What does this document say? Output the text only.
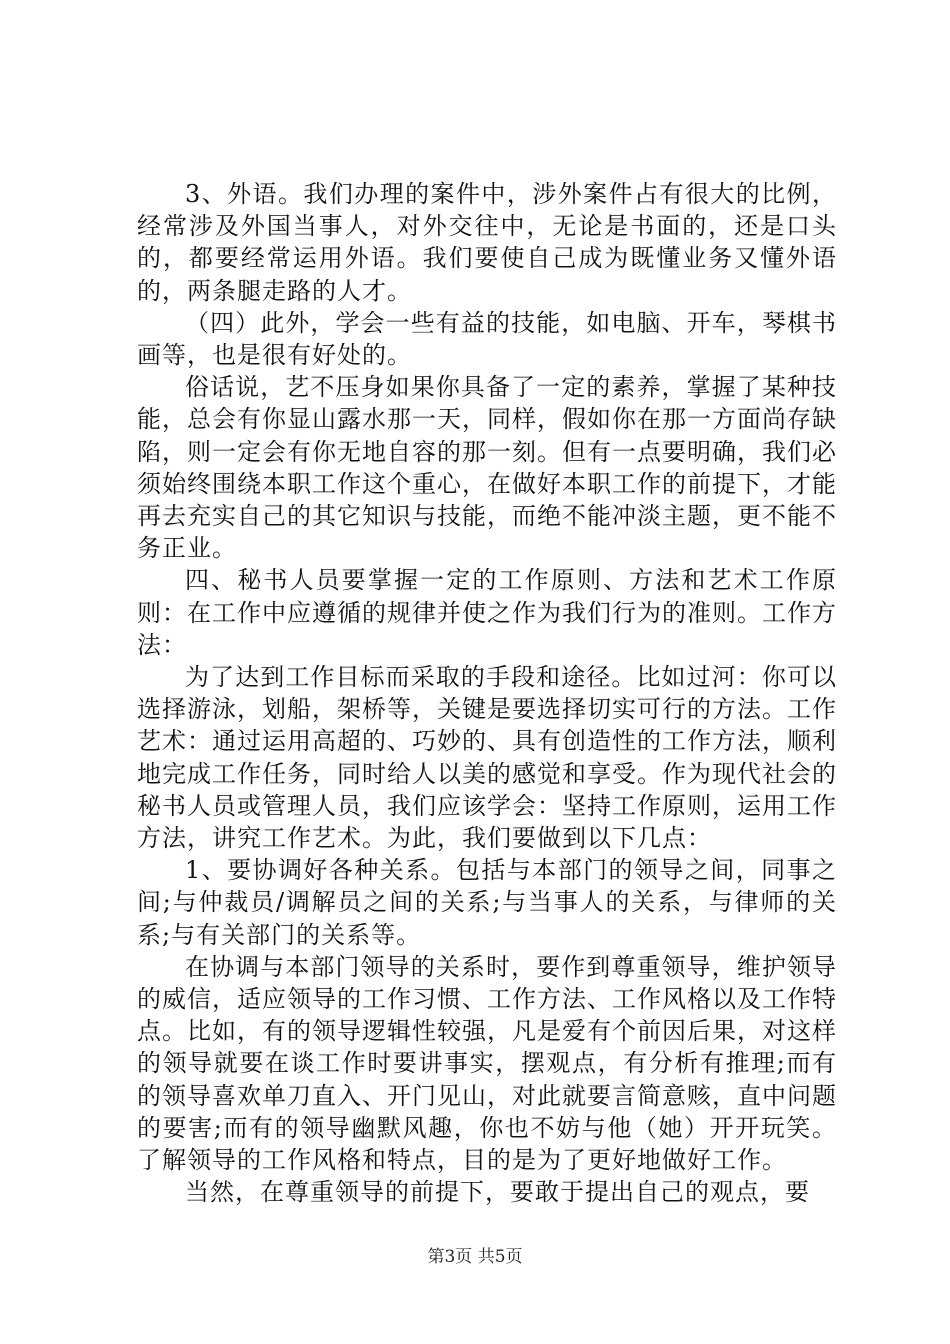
3、外语。我们办理的案件中，涉外案件占有很大的比例，经常涉及外国当事人，对外交往中，无论是书面的，还是口头的，都要经常运用外语。我们要使自己成为既懂业务又懂外语的，两条腿走路的人才。

（四）此外，学会一些有益的技能，如电脑、开车，琴棋书画等，也是很有好处的。

俗话说，艺不压身如果你具备了一定的素养，掌握了某种技能，总会有你显山露水那一天，同样，假如你在那一方面尚存缺陷，则一定会有你无地自容的那一刻。但有一点要明确，我们必须始终围绕本职工作这个重心，在做好本职工作的前提下，才能再去充实自己的其它知识与技能，而绝不能冲淡主题，更不能不务正业。

四、秘书人员要掌握一定的工作原则、方法和艺术工作原则：在工作中应遵循的规律并使之作为我们行为的准则。工作方法：

为了达到工作目标而采取的手段和途径。比如过河：你可以选择游泳，划船，架桥等，关键是要选择切实可行的方法。工作艺术：通过运用高超的、巧妙的、具有创造性的工作方法，顺利地完成工作任务，同时给人以美的感觉和享受。作为现代社会的秘书人员或管理人员，我们应该学会：坚持工作原则，运用工作方法，讲究工作艺术。为此，我们要做到以下几点：

1、要协调好各种关系。包括与本部门的领导之间，同事之间;与仲裁员/调解员之间的关系;与当事人的关系，与律师的关系;与有关部门的关系等。

在协调与本部门领导的关系时，要作到尊重领导，维护领导的威信，适应领导的工作习惯、工作方法、工作风格以及工作特点。比如，有的领导逻辑性较强，凡是爱有个前因后果，对这样的领导就要在谈工作时要讲事实，摆观点，有分析有推理;而有的领导喜欢单刀直入、开门见山，对此就要言简意赅，直中问题的要害;而有的领导幽默风趣，你也不妨与他（她）开开玩笑。了解领导的工作风格和特点，目的是为了更好地做好工作。

当然，在尊重领导的前提下，要敢于提出自己的观点，要

第3页 共5页
